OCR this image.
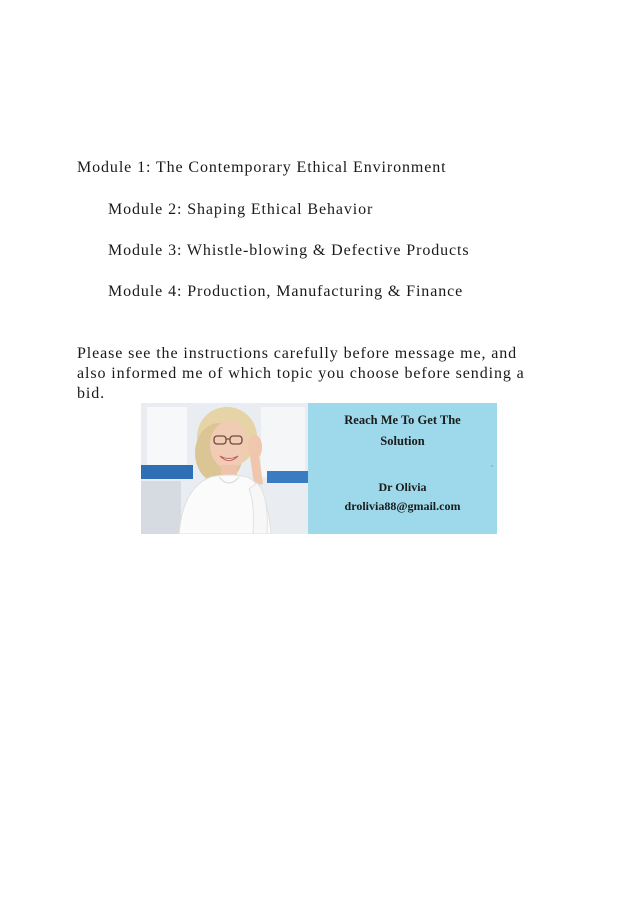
Module 1: The Contemporary Ethical Environment
Module 2: Shaping Ethical Behavior
Module 3: Whistle-blowing & Defective Products
Module 4: Production, Manufacturing & Finance

Please see the instructions carefully before message me, and also informed me of which topic you choose before sending a bid.

Reach Me To Get The
Solution
Dr Olivia
drolivia88@gmail.com
